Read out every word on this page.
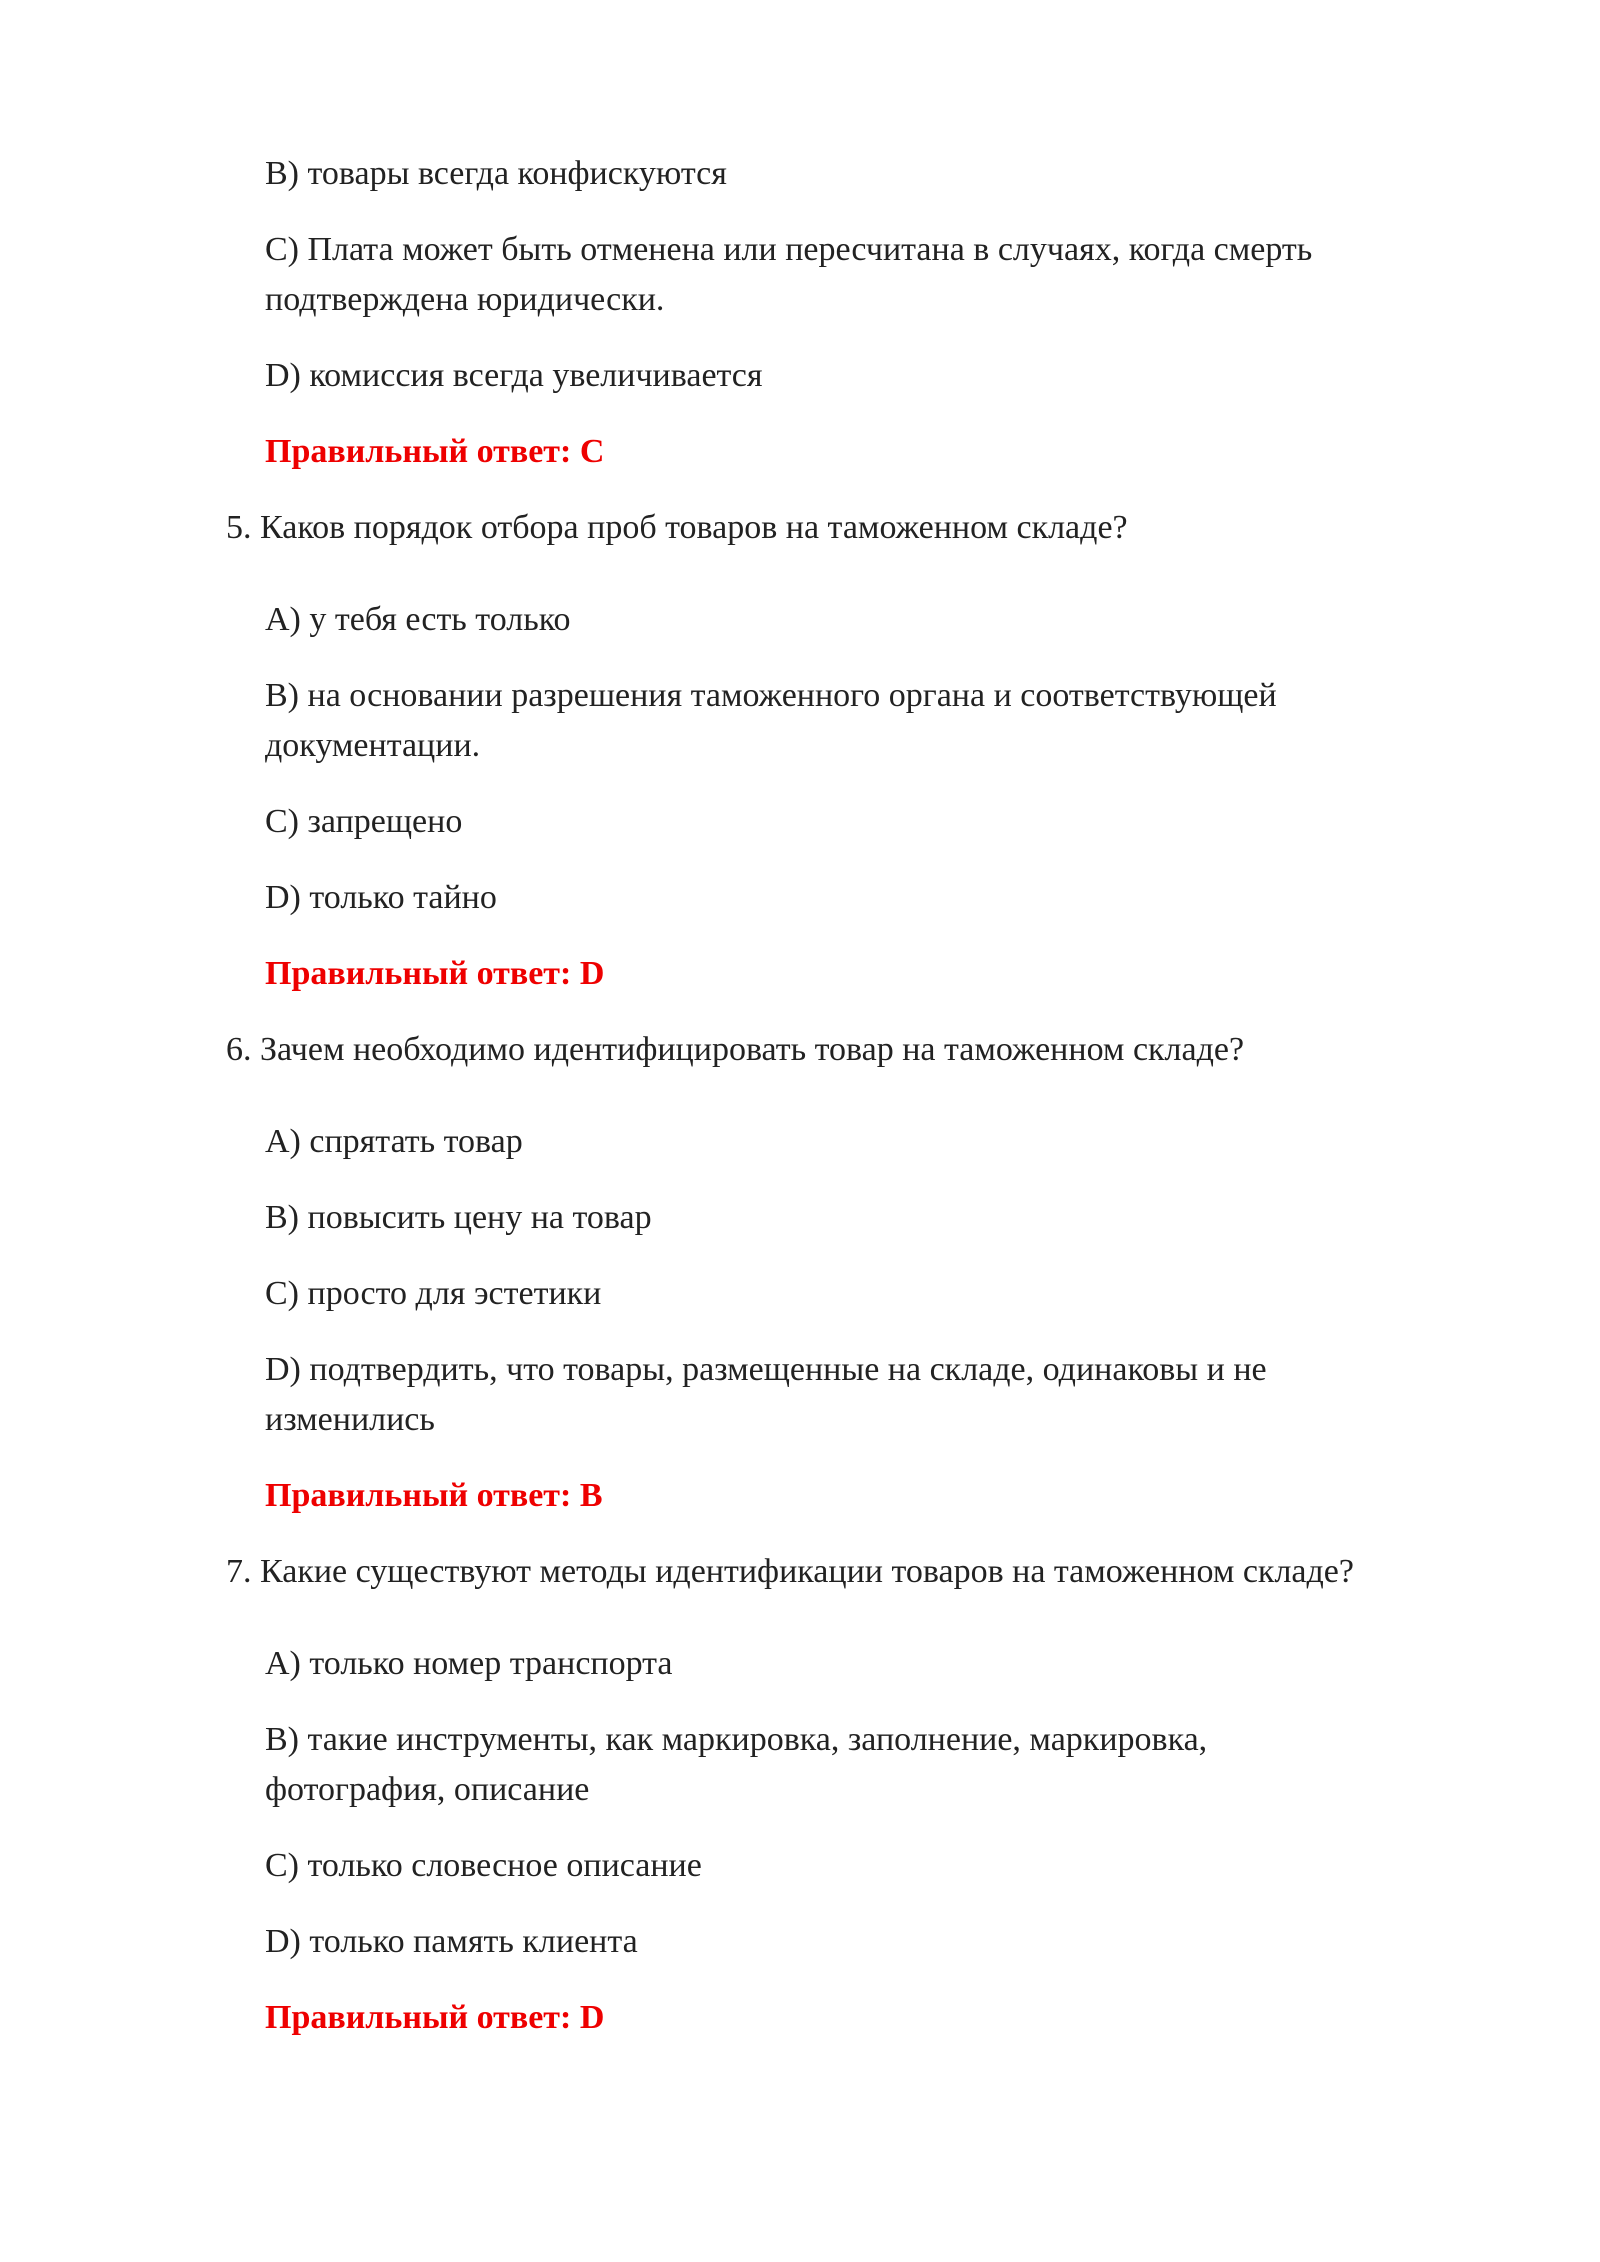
B) товары всегда конфискуются
C) Плата может быть отменена или пересчитана в случаях, когда смерть
подтверждена юридически.
D) комиссия всегда увеличивается
Правильный ответ: C
5. Каков порядок отбора проб товаров на таможенном складе?
A) у тебя есть только
B) на основании разрешения таможенного органа и соответствующей
документации.
C) запрещено
D) только тайно
Правильный ответ: D
6. Зачем необходимо идентифицировать товар на таможенном складе?
A) спрятать товар
B) повысить цену на товар
C) просто для эстетики
D) подтвердить, что товары, размещенные на складе, одинаковы и не
изменились
Правильный ответ: B
7. Какие существуют методы идентификации товаров на таможенном складе?
A) только номер транспорта
B) такие инструменты, как маркировка, заполнение, маркировка,
фотография, описание
C) только словесное описание
D) только память клиента
Правильный ответ: D
